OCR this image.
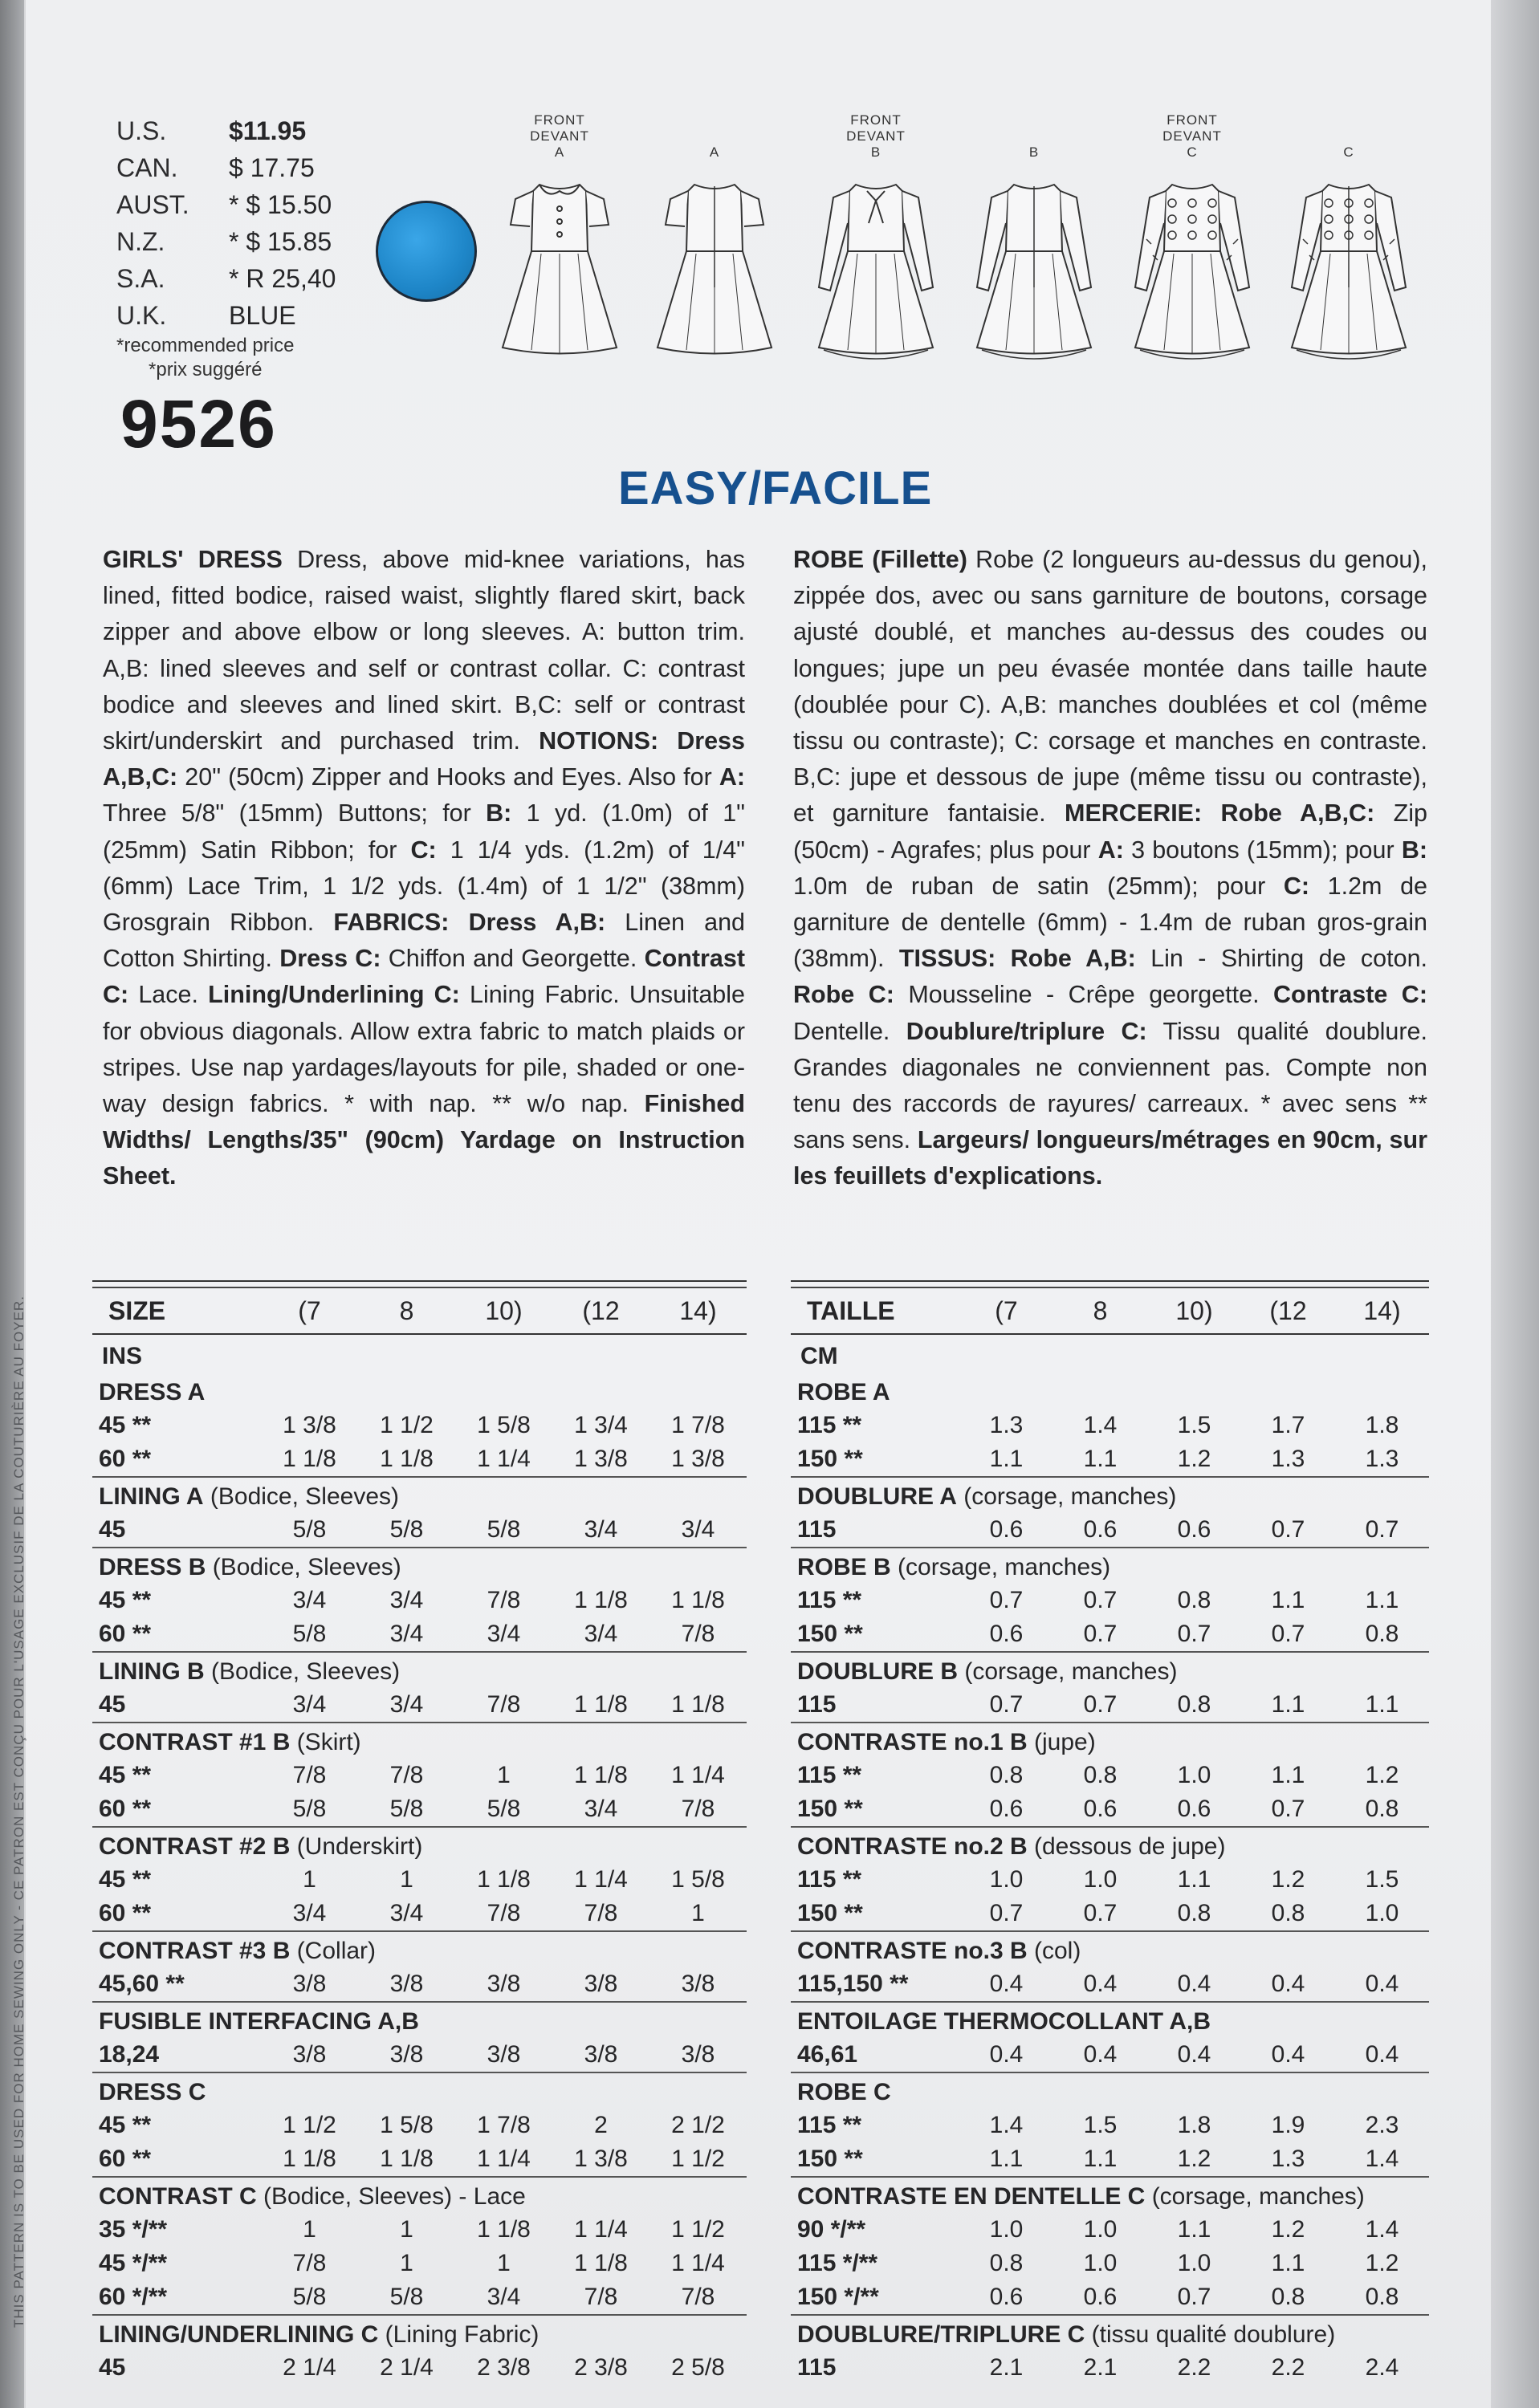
THIS PATTERN IS TO BE USED FOR HOME SEWING ONLY - CE PATRON EST CONÇU POUR L'USAGE EXCLUSIF DE LA COUTURIÈRE AU FOYER.
U.S. $11.95
CAN. $ 17.75
AUST. * $ 15.50
N.Z. * $ 15.85
S.A. * R 25,40
U.K. BLUE
*recommended price
*prix suggéré
9526
FRONT
DEVANT
A

	A
FRONT
DEVANT
B

	B
FRONT
DEVANT
C

	C
EASY/FACILE

GIRLS' DRESS Dress, above mid-knee variations, has lined, fitted bodice, raised waist, slightly flared skirt, back zipper and above elbow or long sleeves. A: button trim. A,B: lined sleeves and self or contrast collar. C: contrast bodice and sleeves and lined skirt. B,C: self or contrast skirt/underskirt and purchased trim. NOTIONS: Dress A,B,C: 20" (50cm) Zipper and Hooks and Eyes. Also for A: Three 5/8" (15mm) Buttons; for B: 1 yd. (1.0m) of 1" (25mm) Satin Ribbon; for C: 1 1/4 yds. (1.2m) of 1/4" (6mm) Lace Trim, 1 1/2 yds. (1.4m) of 1 1/2" (38mm) Grosgrain Ribbon. FABRICS: Dress A,B: Linen and Cotton Shirting. Dress C: Chiffon and Georgette. Contrast C: Lace. Lining/Underlining C: Lining Fabric. Unsuitable for obvious diagonals. Allow extra fabric to match plaids or stripes. Use nap yardages/layouts for pile, shaded or one-way design fabrics. * with nap. ** w/o nap. Finished Widths/ Lengths/35" (90cm) Yardage on Instruction Sheet.

ROBE (Fillette) Robe (2 longueurs au-dessus du genou), zippée dos, avec ou sans garniture de boutons, corsage ajusté doublé, et manches au-dessus des coudes ou longues; jupe un peu évasée montée dans taille haute (doublée pour C). A,B: manches doublées et col (même tissu ou contraste); C: corsage et manches en contraste. B,C: jupe et dessous de jupe (même tissu ou contraste), et garniture fantaisie. MERCERIE: Robe A,B,C: Zip (50cm) - Agrafes; plus pour A: 3 boutons (15mm); pour B: 1.0m de ruban de satin (25mm); pour C: 1.2m de garniture de dentelle (6mm) - 1.4m de ruban gros-grain (38mm). TISSUS: Robe A,B: Lin - Shirting de coton. Robe C: Mousseline - Crêpe georgette. Contraste C: Dentelle. Doublure/triplure C: Tissu qualité doublure. Grandes diagonales ne conviennent pas. Compte non tenu des raccords de rayures/ carreaux. * avec sens ** sans sens. Largeurs/ longueurs/métrages en 90cm, sur les feuillets d'explications.

SIZE	(7	8	10)	(12	14)
INS
DRESS A
45 **	1 3/8	1 1/2	1 5/8	1 3/4	1 7/8
60 **	1 1/8	1 1/8	1 1/4	1 3/8	1 3/8
LINING A (Bodice, Sleeves)
45	5/8	5/8	5/8	3/4	3/4
DRESS B (Bodice, Sleeves)
45 **	3/4	3/4	7/8	1 1/8	1 1/8
60 **	5/8	3/4	3/4	3/4	7/8
LINING B (Bodice, Sleeves)
45	3/4	3/4	7/8	1 1/8	1 1/8
CONTRAST #1 B (Skirt)
45 **	7/8	7/8	1	1 1/8	1 1/4
60 **	5/8	5/8	5/8	3/4	7/8
CONTRAST #2 B (Underskirt)
45 **	1	1	1 1/8	1 1/4	1 5/8
60 **	3/4	3/4	7/8	7/8	1
CONTRAST #3 B (Collar)
45,60 **	3/8	3/8	3/8	3/8	3/8
FUSIBLE INTERFACING A,B
18,24	3/8	3/8	3/8	3/8	3/8
DRESS C
45 **	1 1/2	1 5/8	1 7/8	2	2 1/2
60 **	1 1/8	1 1/8	1 1/4	1 3/8	1 1/2
CONTRAST C (Bodice, Sleeves) - Lace
35 */**	1	1	1 1/8	1 1/4	1 1/2
45 */**	7/8	1	1	1 1/8	1 1/4
60 */**	5/8	5/8	3/4	7/8	7/8
LINING/UNDERLINING C (Lining Fabric)
45	2 1/4	2 1/4	2 3/8	2 3/8	2 5/8
TAILLE	(7	8	10)	(12	14)
CM
ROBE A
115 **	1.3	1.4	1.5	1.7	1.8
150 **	1.1	1.1	1.2	1.3	1.3
DOUBLURE A (corsage, manches)
115	0.6	0.6	0.6	0.7	0.7
ROBE B (corsage, manches)
115 **	0.7	0.7	0.8	1.1	1.1
150 **	0.6	0.7	0.7	0.7	0.8
DOUBLURE B (corsage, manches)
115	0.7	0.7	0.8	1.1	1.1
CONTRASTE no.1 B (jupe)
115 **	0.8	0.8	1.0	1.1	1.2
150 **	0.6	0.6	0.6	0.7	0.8
CONTRASTE no.2 B (dessous de jupe)
115 **	1.0	1.0	1.1	1.2	1.5
150 **	0.7	0.7	0.8	0.8	1.0
CONTRASTE no.3 B (col)
115,150 **	0.4	0.4	0.4	0.4	0.4
ENTOILAGE THERMOCOLLANT A,B
46,61	0.4	0.4	0.4	0.4	0.4
ROBE C
115 **	1.4	1.5	1.8	1.9	2.3
150 **	1.1	1.1	1.2	1.3	1.4
CONTRASTE EN DENTELLE C (corsage, manches)
90 */**	1.0	1.0	1.1	1.2	1.4
115 */**	0.8	1.0	1.0	1.1	1.2
150 */**	0.6	0.6	0.7	0.8	0.8
DOUBLURE/TRIPLURE C (tissu qualité doublure)
115	2.1	2.1	2.2	2.2	2.4
